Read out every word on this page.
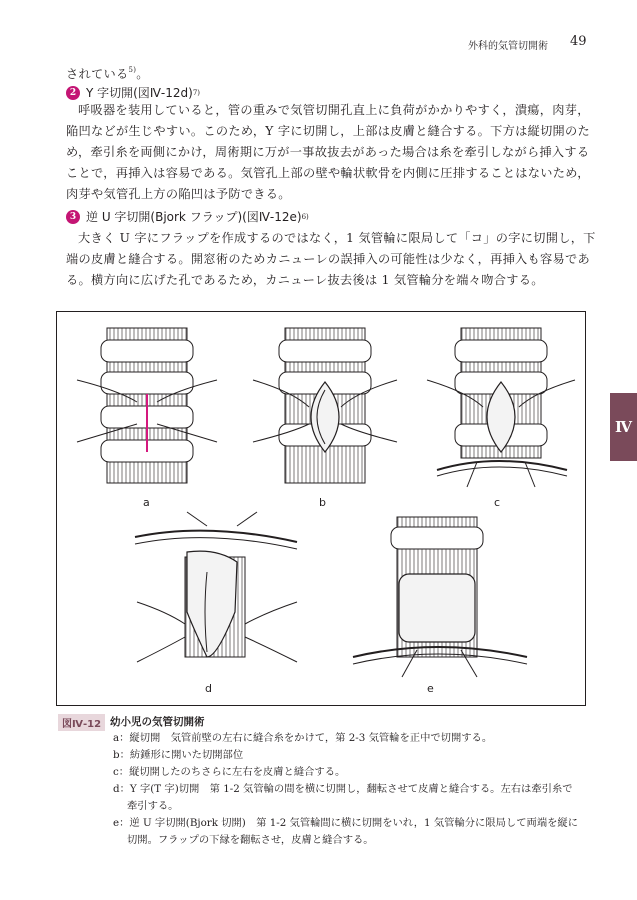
外科的気管切開術 49
Ⅳ
されている$^{5)}$。
2 Y 字切開(図Ⅳ-12d) 7)
呼吸器を装用していると，管の重みで気管切開孔直上に負荷がかかりやすく，潰瘍，肉芽，
陥凹などが生じやすい。このため，Y 字に切開し，上部は皮膚と縫合する。下方は縦切開のた
め，牽引糸を両側にかけ，周術期に万が一事故抜去があった場合は糸を牽引しながら挿入する
ことで，再挿入は容易である。気管孔上部の壁や輪状軟骨を内側に圧排することはないため，
肉芽や気管孔上方の陥凹は予防できる。
3 逆 U 字切開(Bjork フラップ)(図Ⅳ-12e) 6)
大きく U 字にフラップを作成するのではなく，1 気管輪に限局して「コ」の字に切開し，下
端の皮膚と縫合する。開窓術のためカニューレの誤挿入の可能性は少なく，再挿入も容易であ
る。横方向に広げた孔であるため，カニューレ抜去後は 1 気管輪分を端々吻合する。
a	b	c
d	e
図Ⅳ-12 幼小児の気管切開術
a：縦切開　気管前壁の左右に縫合糸をかけて，第 2-3 気管輪を正中で切開する。
b：紡錘形に開いた切開部位
c：縦切開したのちさらに左右を皮膚と縫合する。
d：Y 字(T 字)切開　第 1-2 気管輪の間を横に切開し，翻転させて皮膚と縫合する。左右は牽引糸で
牽引する。
e：逆 U 字切開(Bjork 切開)　第 1-2 気管輪間に横に切開をいれ，1 気管輪分に限局して両端を縦に
切開。フラップの下縁を翻転させ，皮膚と縫合する。
